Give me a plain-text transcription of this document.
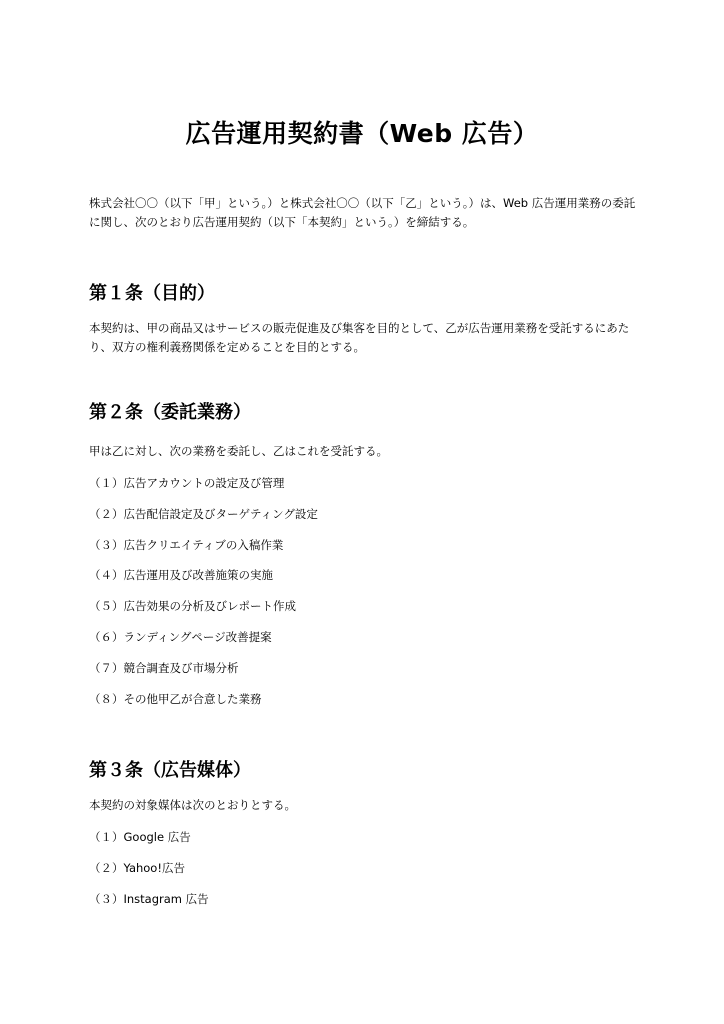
広告運用契約書（Web 広告）

株式会社〇〇（以下「甲」という。）と株式会社〇〇（以下「乙」という。）は、Web 広告運用業務の委託に関し、次のとおり広告運用契約（以下「本契約」という。）を締結する。

第１条（目的）

本契約は、甲の商品又はサービスの販売促進及び集客を目的として、乙が広告運用業務を受託するにあたり、双方の権利義務関係を定めることを目的とする。

第２条（委託業務）

甲は乙に対し、次の業務を委託し、乙はこれを受託する。

（１）広告アカウントの設定及び管理

（２）広告配信設定及びターゲティング設定

（３）広告クリエイティブの入稿作業

（４）広告運用及び改善施策の実施

（５）広告効果の分析及びレポート作成

（６）ランディングページ改善提案

（７）競合調査及び市場分析

（８）その他甲乙が合意した業務

第３条（広告媒体）

本契約の対象媒体は次のとおりとする。

（１）Google 広告

（２）Yahoo!広告

（３）Instagram 広告
